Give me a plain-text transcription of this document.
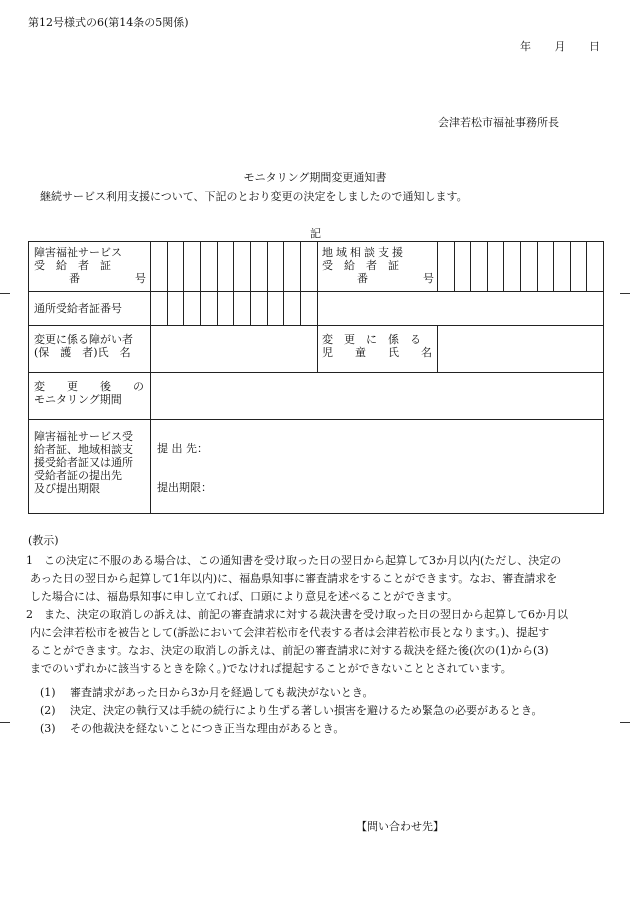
第12号様式の6(第14条の5関係)
年 月 日
会津若松市福祉事務所長
モニタリング期間変更通知書
継続サービス利用支援について、下記のとおり変更の決定をしましたので通知します。
記
障害福祉サービス
受　給　者　証
番　　　　　号
地域相談支援
受　給　者　証
番　　　　　号
通所受給者証番号
変更に係る障がい者
(保　護　者)氏　名
変　更　に　係　る
児　　童　　氏　　名
変　　更　　後　　の
モニタリング期間
障害福祉サービス受
給者証、地域相談支
援受給者証又は通所
受給者証の提出先
及び提出期限
提 出 先：
提出期限：
(教示)
1 この決定に不服のある場合は、この通知書を受け取った日の翌日から起算して3か月以内(ただし、決定の
あった日の翌日から起算して1年以内)に、福島県知事に審査請求をすることができます。なお、審査請求を
した場合には、福島県知事に申し立てれば、口頭により意見を述べることができます。
2 また、決定の取消しの訴えは、前記の審査請求に対する裁決書を受け取った日の翌日から起算して6か月以
内に会津若松市を被告として(訴訟において会津若松市を代表する者は会津若松市長となります。)、提起す
ることができます。なお、決定の取消しの訴えは、前記の審査請求に対する裁決を経た後(次の(1)から(3)
までのいずれかに該当するときを除く。)でなければ提起することができないこととされています。
(1) 審査請求があった日から3か月を経過しても裁決がないとき。
(2) 決定、決定の執行又は手続の続行により生ずる著しい損害を避けるため緊急の必要があるとき。
(3) その他裁決を経ないことにつき正当な理由があるとき。
【問い合わせ先】
